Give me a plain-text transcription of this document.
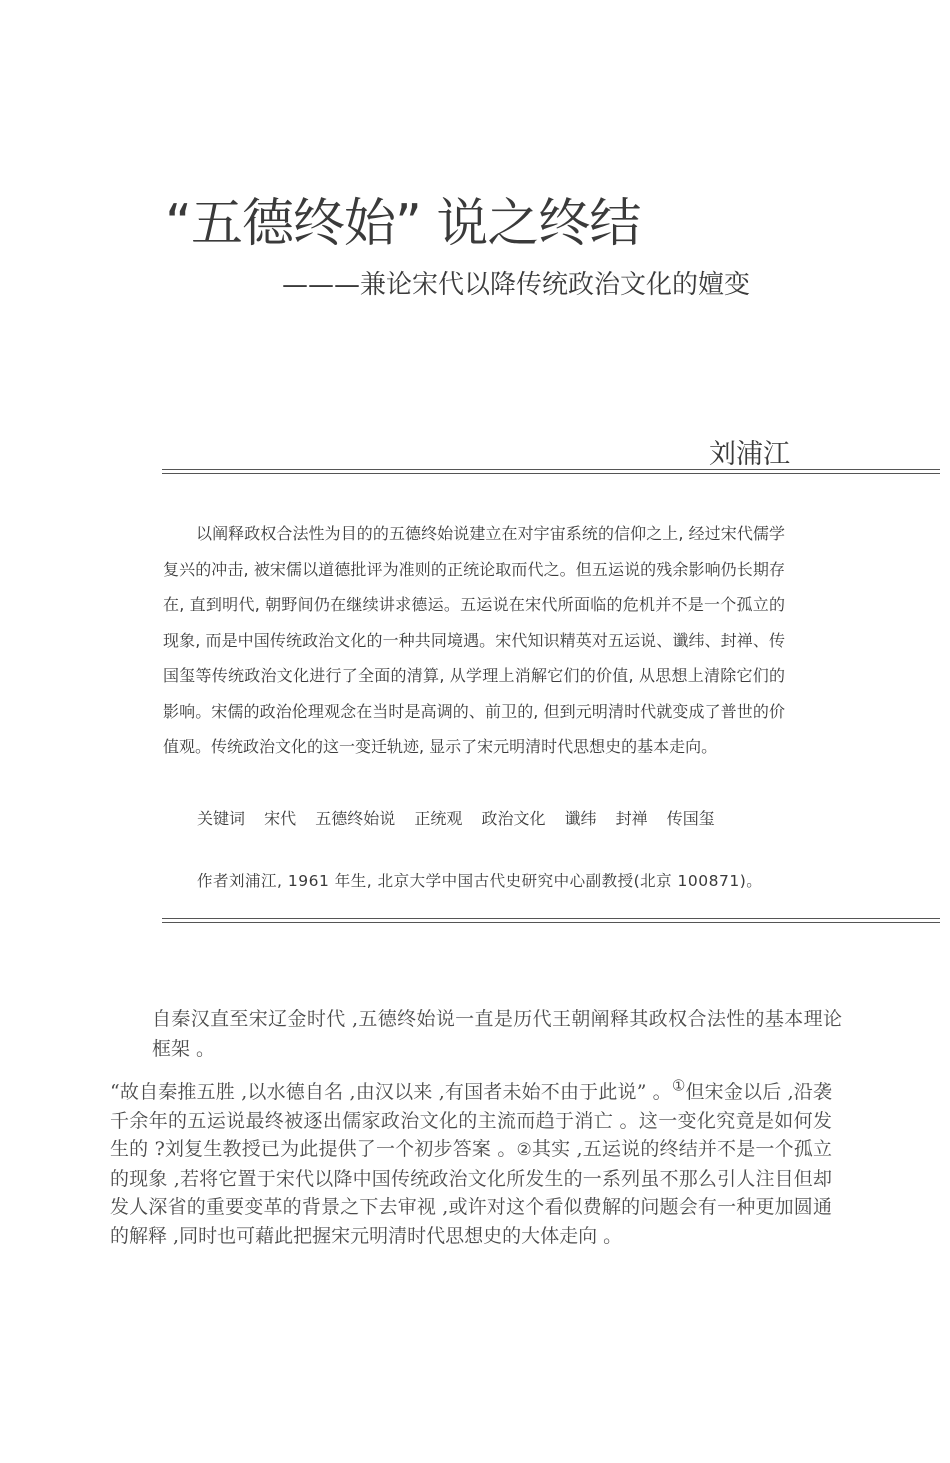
“五德终始” 说之终结
———兼论宋代以降传统政治文化的嬗变
刘浦江

以阐释政权合法性为目的的五德终始说建立在对宇宙系统的信仰之上, 经过宋代儒学复兴的冲击, 被宋儒以道德批评为准则的正统论取而代之。但五运说的残余影响仍长期存在, 直到明代, 朝野间仍在继续讲求德运。五运说在宋代所面临的危机并不是一个孤立的现象, 而是中国传统政治文化的一种共同境遇。宋代知识精英对五运说、谶纬、封禅、传国玺等传统政治文化进行了全面的清算, 从学理上消解它们的价值, 从思想上清除它们的影响。宋儒的政治伦理观念在当时是高调的、前卫的, 但到元明清时代就变成了普世的价值观。传统政治文化的这一变迁轨迹, 显示了宋元明清时代思想史的基本走向。

关键词 宋代 五德终始说 正统观 政治文化 谶纬 封禅 传国玺

作者刘浦江, 1961 年生, 北京大学中国古代史研究中心副教授(北京 100871)。

自秦汉直至宋辽金时代 ,五德终始说一直是历代王朝阐释其政权合法性的基本理论框架 。

“故自秦推五胜 ,以水德自名 ,由汉以来 ,有国者未始不由于此说” 。①但宋金以后 ,沿袭千余年的五运说最终被逐出儒家政治文化的主流而趋于消亡 。这一变化究竟是如何发生的 ?刘复生教授已为此提供了一个初步答案 。②其实 ,五运说的终结并不是一个孤立的现象 ,若将它置于宋代以降中国传统政治文化所发生的一系列虽不那么引人注目但却发人深省的重要变革的背景之下去审视 ,或许对这个看似费解的问题会有一种更加圆通的解释 ,同时也可藉此把握宋元明清时代思想史的大体走向 。
